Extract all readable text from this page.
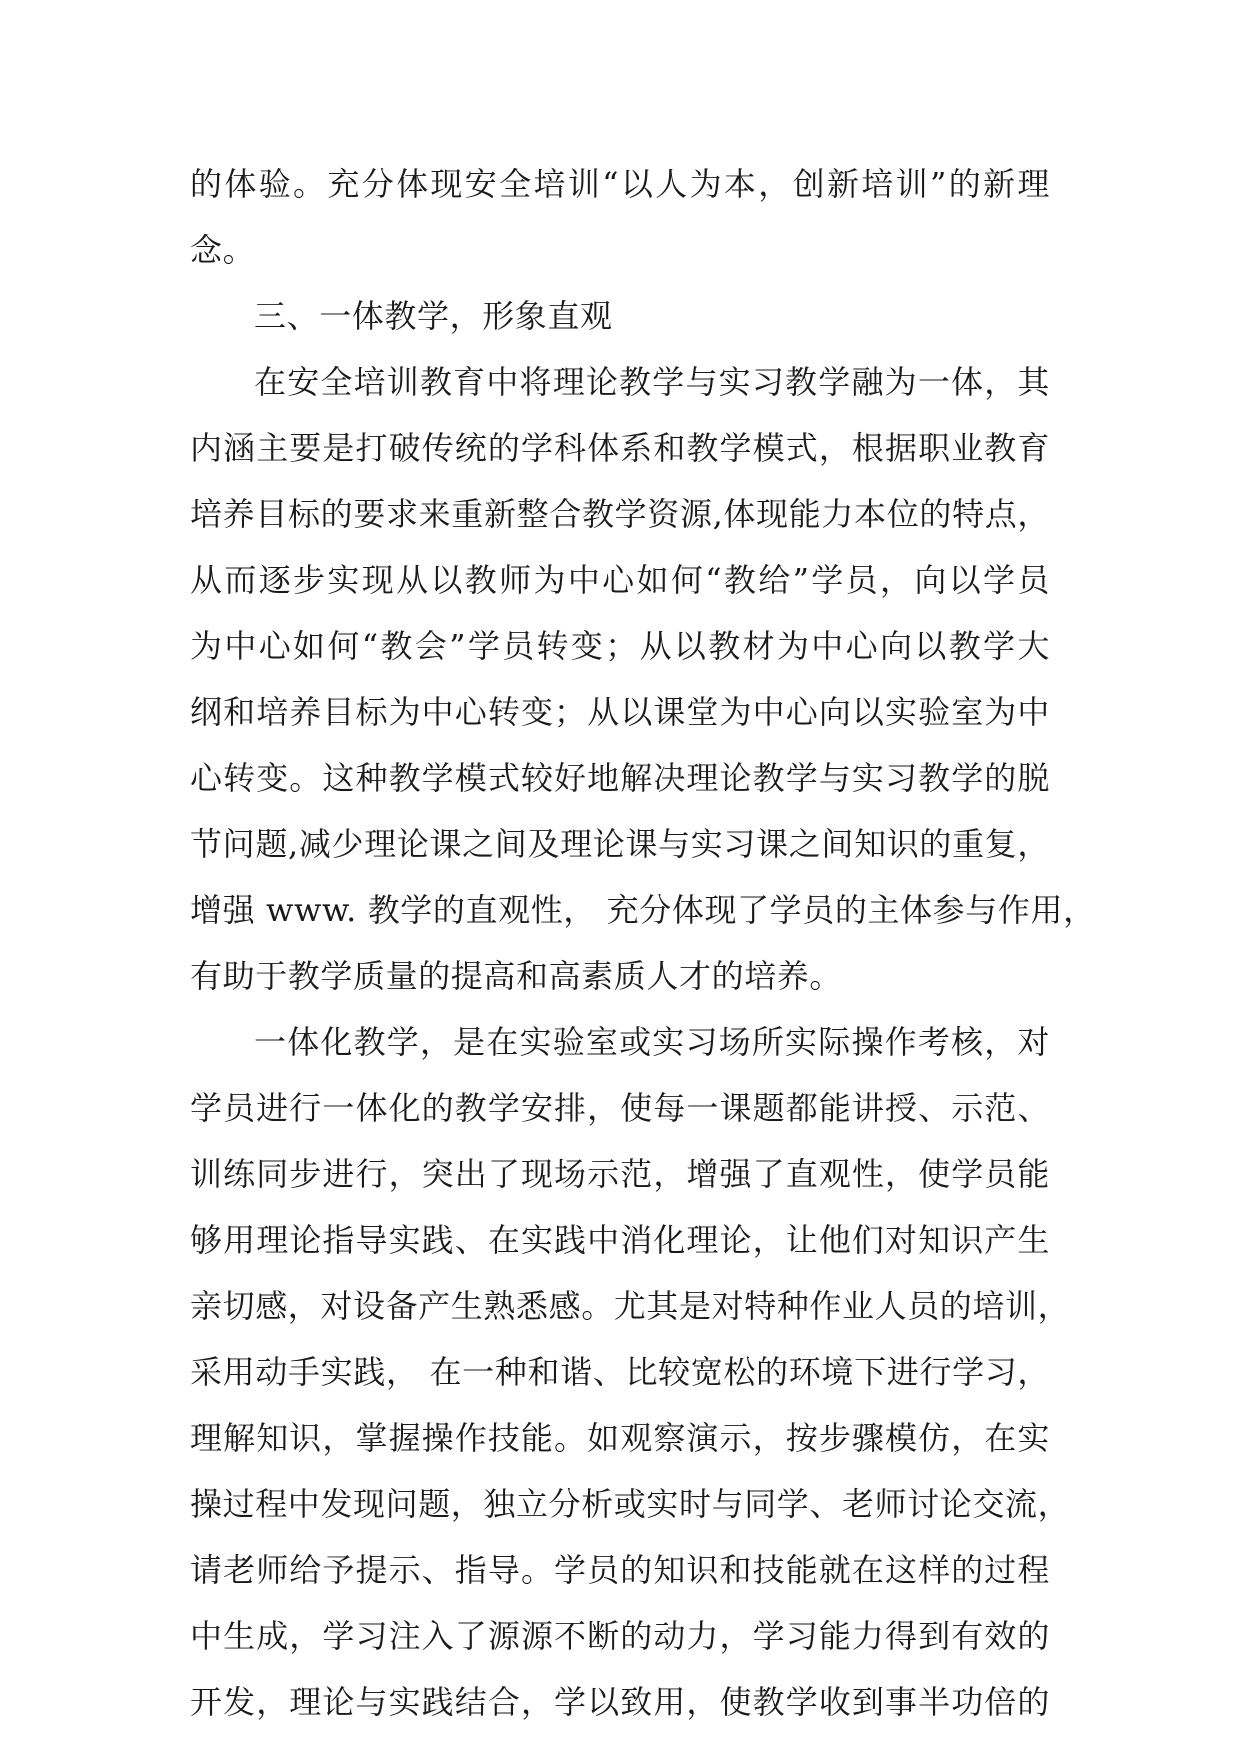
的体验。充分体现安全培训“以人为本，创新培训”的新理
念。
三、一体教学，形象直观
在安全培训教育中将理论教学与实习教学融为一体，其
内涵主要是打破传统的学科体系和教学模式，根据职业教育
培养目标的要求来重新整合教学资源,体现能力本位的特点，
从而逐步实现从以教师为中心如何“教给”学员，向以学员
为中心如何“教会”学员转变；从以教材为中心向以教学大
纲和培养目标为中心转变；从以课堂为中心向以实验室为中
心转变。这种教学模式较好地解决理论教学与实习教学的脱
节问题,减少理论课之间及理论课与实习课之间知识的重复，
增强 www. 教学的直观性， 充分体现了学员的主体参与作用，
有助于教学质量的提高和高素质人才的培养。
一体化教学，是在实验室或实习场所实际操作考核，对
学员进行一体化的教学安排，使每一课题都能讲授、示范、
训练同步进行，突出了现场示范，增强了直观性，使学员能
够用理论指导实践、在实践中消化理论，让他们对知识产生
亲切感，对设备产生熟悉感。尤其是对特种作业人员的培训，
采用动手实践， 在一种和谐、比较宽松的环境下进行学习，
理解知识，掌握操作技能。如观察演示，按步骤模仿，在实
操过程中发现问题，独立分析或实时与同学、老师讨论交流，
请老师给予提示、指导。学员的知识和技能就在这样的过程
中生成，学习注入了源源不断的动力，学习能力得到有效的
开发，理论与实践结合，学以致用，使教学收到事半功倍的
